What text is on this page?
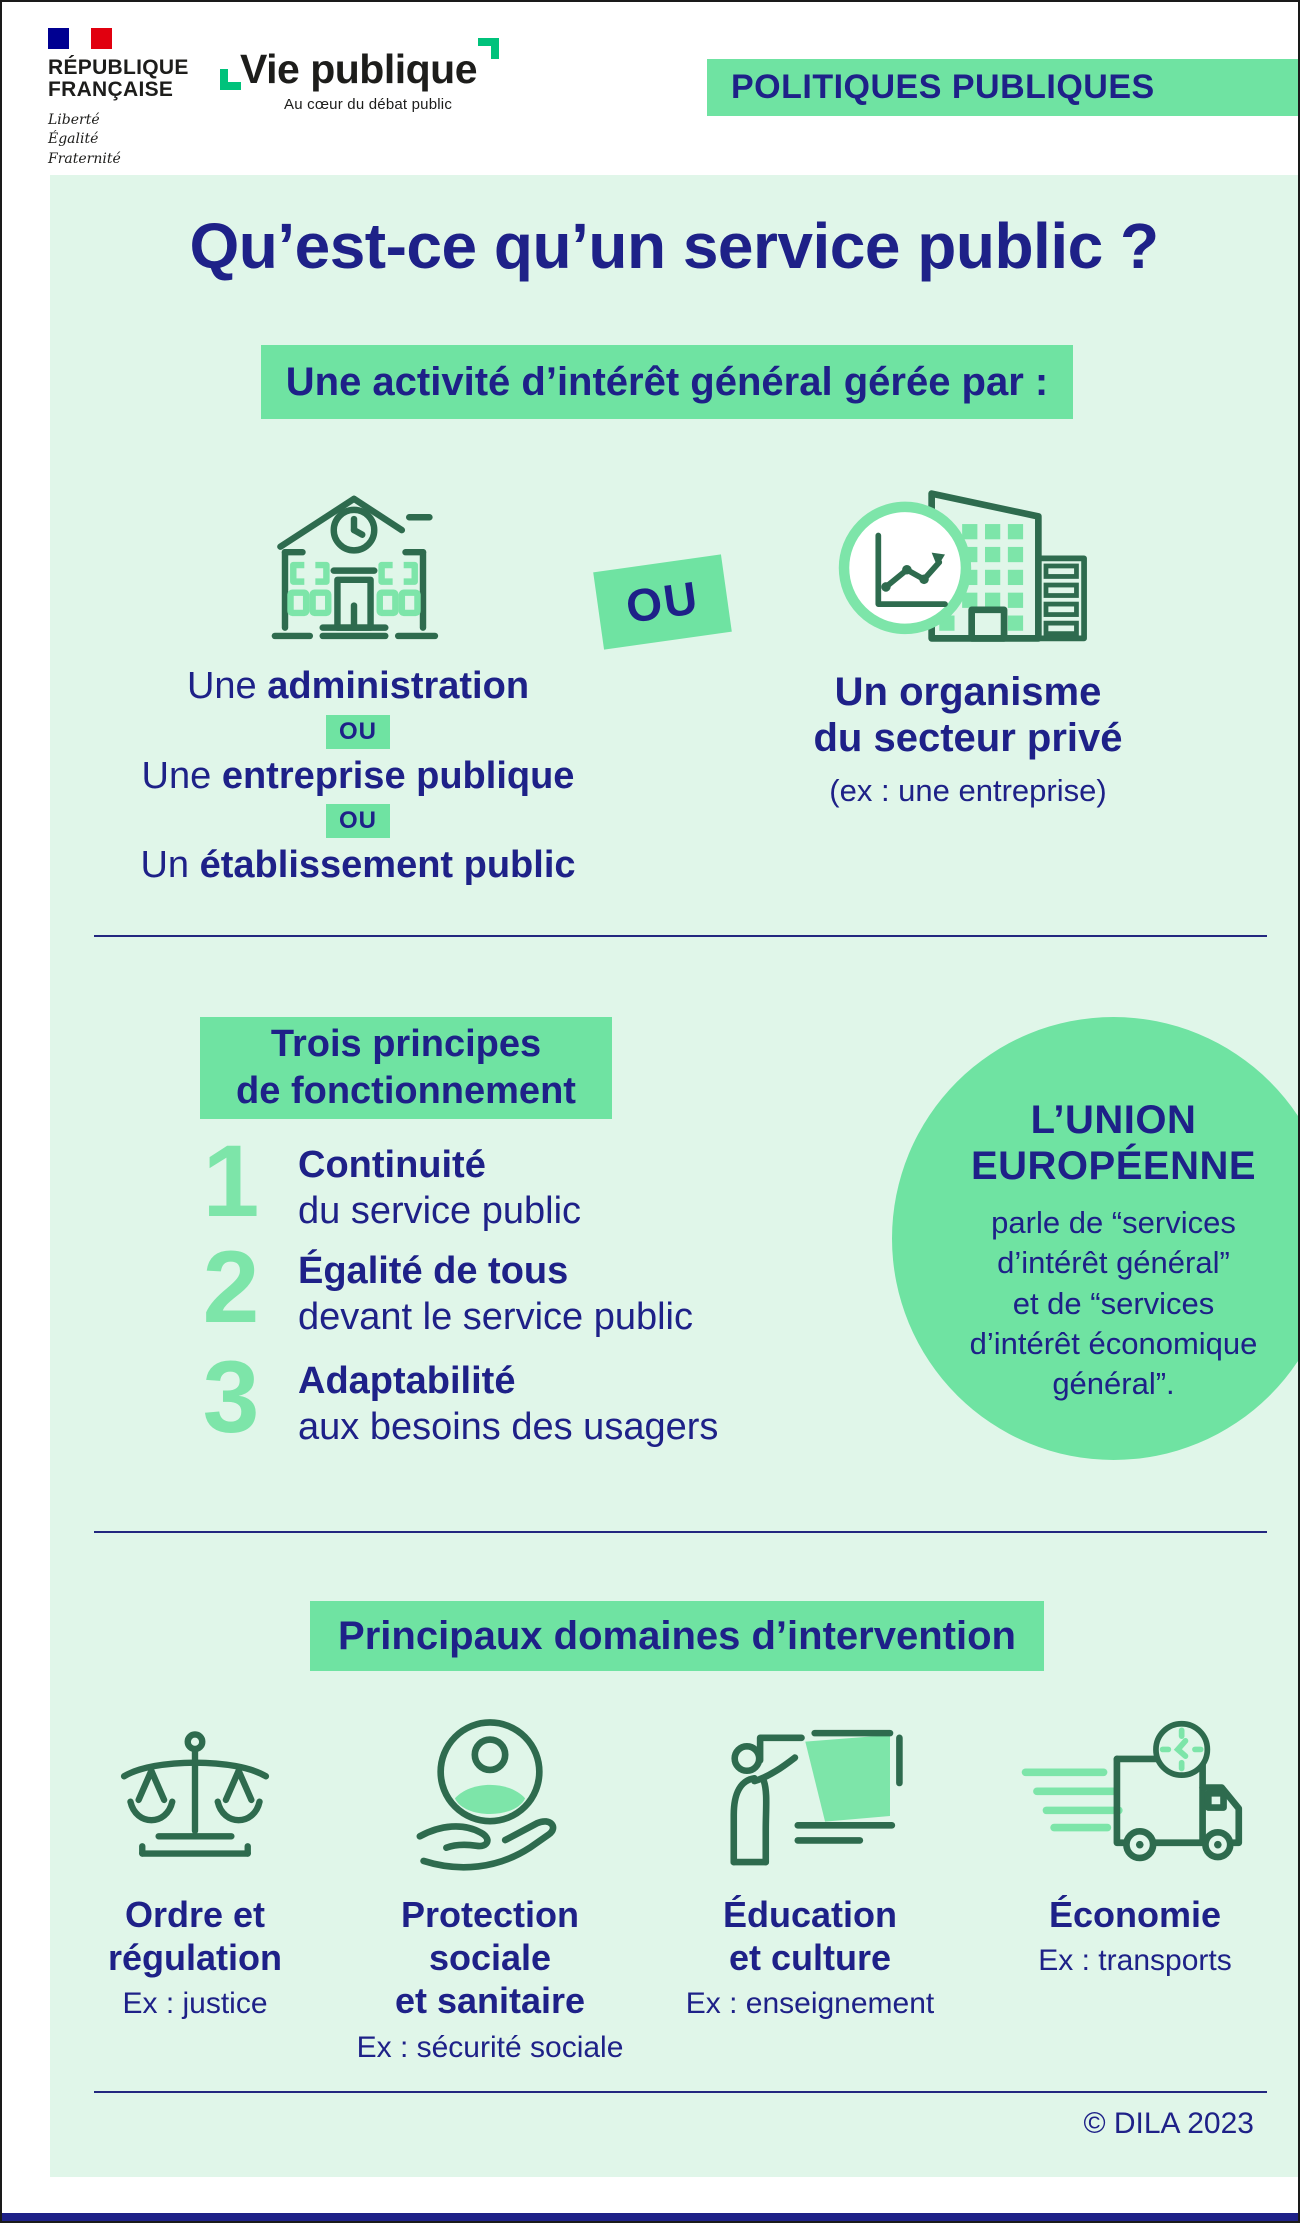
RÉPUBLIQUE
FRANÇAISE
Liberté
Égalité
Fraternité
Vie publique
Au cœur du débat public	POLITIQUES PUBLIQUES
Qu’est-ce qu’un service public ?
Une activité d’intérêt général gérée par :
OU
Une administration
OU
Une entreprise publique
OU
Un établissement public
Un organisme
du secteur privé
(ex : une entreprise)
Trois principes
de fonctionnement
1	Continuité
du service public
2	Égalité de tous
devant le service public
3	Adaptabilité
aux besoins des usagers
L’UNION
EUROPÉENNE
parle de “services
d’intérêt général”
et de “services
d’intérêt économique
général”.
Principaux domaines d’intervention
Ordre et
régulation
Ex : justice
Protection
sociale
et sanitaire
Ex : sécurité sociale
Éducation
et culture
Ex : enseignement
Économie
Ex : transports
© DILA 2023
